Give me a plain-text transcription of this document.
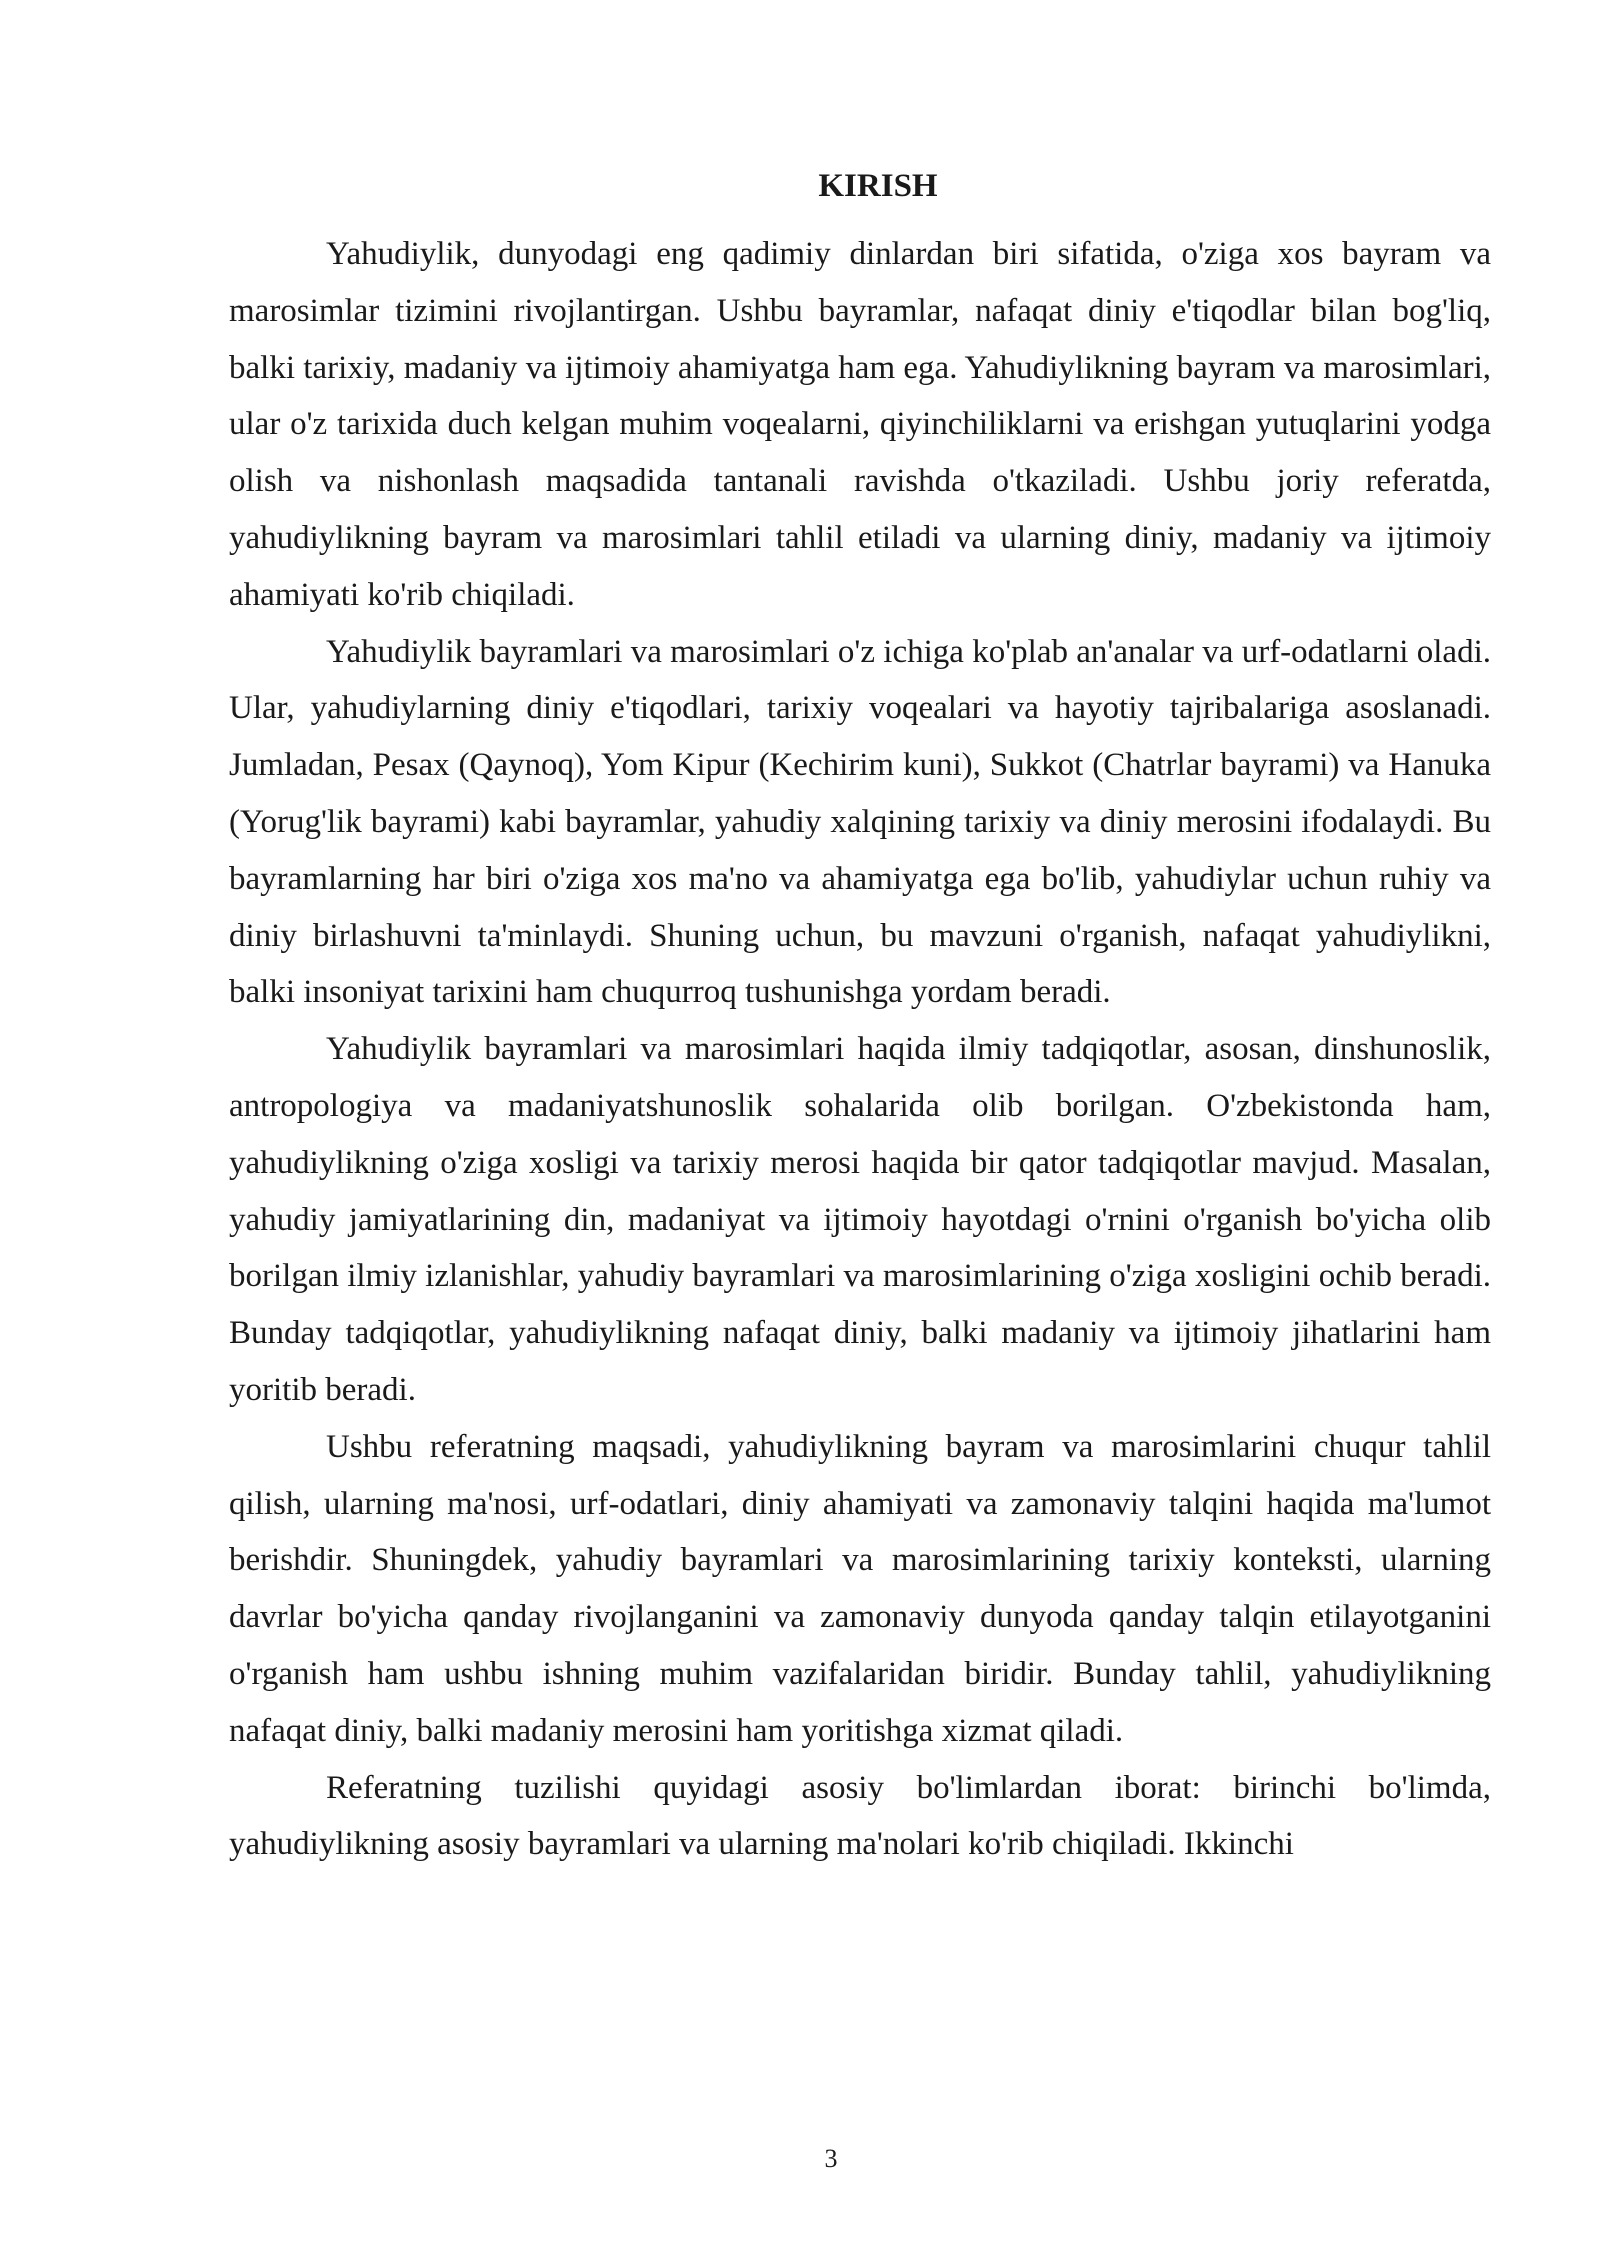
KIRISH

Yahudiylik, dunyodagi eng qadimiy dinlardan biri sifatida, o'ziga xos bayram va marosimlar tizimini rivojlantirgan. Ushbu bayramlar, nafaqat diniy e'tiqodlar bilan bog'liq, balki tarixiy, madaniy va ijtimoiy ahamiyatga ham ega. Yahudiylikning bayram va marosimlari, ular o'z tarixida duch kelgan muhim voqealarni, qiyinchiliklarni va erishgan yutuqlarini yodga olish va nishonlash maqsadida tantanali ravishda o'tkaziladi. Ushbu joriy referatda, yahudiylikning bayram va marosimlari tahlil etiladi va ularning diniy, madaniy va ijtimoiy ahamiyati ko'rib chiqiladi.

Yahudiylik bayramlari va marosimlari o'z ichiga ko'plab an'analar va urf-odatlarni oladi. Ular, yahudiylarning diniy e'tiqodlari, tarixiy voqealari va hayotiy tajribalariga asoslanadi. Jumladan, Pesax (Qaynoq), Yom Kipur (Kechirim kuni), Sukkot (Chatrlar bayrami) va Hanuka (Yorug'lik bayrami) kabi bayramlar, yahudiy xalqining tarixiy va diniy merosini ifodalaydi. Bu bayramlarning har biri o'ziga xos ma'no va ahamiyatga ega bo'lib, yahudiylar uchun ruhiy va diniy birlashuvni ta'minlaydi. Shuning uchun, bu mavzuni o'rganish, nafaqat yahudiylikni, balki insoniyat tarixini ham chuqurroq tushunishga yordam beradi.

Yahudiylik bayramlari va marosimlari haqida ilmiy tadqiqotlar, asosan, dinshunoslik, antropologiya va madaniyatshunoslik sohalarida olib borilgan. O'zbekistonda ham, yahudiylikning o'ziga xosligi va tarixiy merosi haqida bir qator tadqiqotlar mavjud. Masalan, yahudiy jamiyatlarining din, madaniyat va ijtimoiy hayotdagi o'rnini o'rganish bo'yicha olib borilgan ilmiy izlanishlar, yahudiy bayramlari va marosimlarining o'ziga xosligini ochib beradi. Bunday tadqiqotlar, yahudiylikning nafaqat diniy, balki madaniy va ijtimoiy jihatlarini ham yoritib beradi.

Ushbu referatning maqsadi, yahudiylikning bayram va marosimlarini chuqur tahlil qilish, ularning ma'nosi, urf-odatlari, diniy ahamiyati va zamonaviy talqini haqida ma'lumot berishdir. Shuningdek, yahudiy bayramlari va marosimlarining tarixiy konteksti, ularning davrlar bo'yicha qanday rivojlanganini va zamonaviy dunyoda qanday talqin etilayotganini o'rganish ham ushbu ishning muhim vazifalaridan biridir. Bunday tahlil, yahudiylikning nafaqat diniy, balki madaniy merosini ham yoritishga xizmat qiladi.

Referatning tuzilishi quyidagi asosiy bo'limlardan iborat: birinchi bo'limda, yahudiylikning asosiy bayramlari va ularning ma'nolari ko'rib chiqiladi. Ikkinchi

3
